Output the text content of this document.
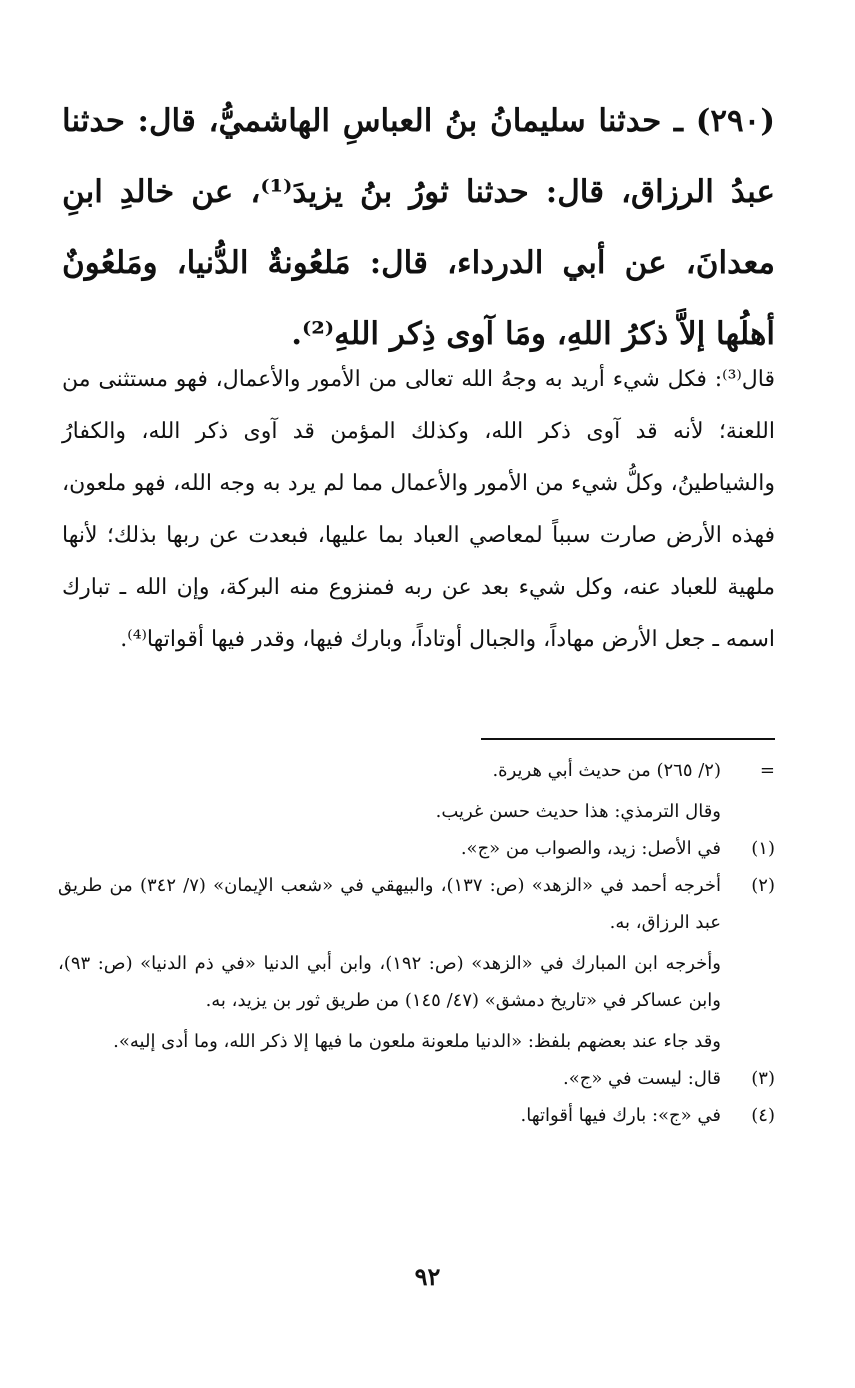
(٢٩٠) ـ حدثنا سليمانُ بنُ العباسِ الهاشميُّ، قال: حدثنا عبدُ الرزاق، قال: حدثنا ثورُ بنُ يزيدَ⁽¹⁾، عن خالدِ ابنِ معدانَ، عن أبي الدرداء، قال: مَلعُونةٌ الدُّنيا، ومَلعُونٌ أهلُها إلاَّ ذكرُ اللهِ، ومَا آوى ذِكر اللهِ⁽²⁾.

قال⁽³⁾: فكل شيء أريد به وجهُ الله تعالى من الأمور والأعمال، فهو مستثنى من اللعنة؛ لأنه قد آوى ذكر الله، وكذلك المؤمن قد آوى ذكر الله، والكفارُ والشياطينُ، وكلُّ شيء من الأمور والأعمال مما لم يرد به وجه الله، فهو ملعون، فهذه الأرض صارت سبباً لمعاصي العباد بما عليها، فبعدت عن ربها بذلك؛ لأنها ملهية للعباد عنه، وكل شيء بعد عن ربه فمنزوع منه البركة، وإن الله ـ تبارك اسمه ـ جعل الأرض مهاداً، والجبال أوتاداً، وبارك فيها، وقدر فيها أقواتها⁽⁴⁾.

=
(٢/ ٢٦٥) من حديث أبي هريرة.
وقال الترمذي: هذا حديث حسن غريب.
(١)
في الأصل: زيد، والصواب من «ج».
(٢)
أخرجه أحمد في «الزهد» (ص: ١٣٧)، والبيهقي في «شعب الإيمان» (٧/ ٣٤٢) من طريق عبد الرزاق، به.
وأخرجه ابن المبارك في «الزهد» (ص: ١٩٢)، وابن أبي الدنيا «في ذم الدنيا» (ص: ٩٣)، وابن عساكر في «تاريخ دمشق» (٤٧/ ١٤٥) من طريق ثور بن يزيد، به.
وقد جاء عند بعضهم بلفظ: «الدنيا ملعونة ملعون ما فيها إلا ذكر الله، وما أدى إليه».
(٣)
قال: ليست في «ج».
(٤)
في «ج»: بارك فيها أقواتها.
٩٢
